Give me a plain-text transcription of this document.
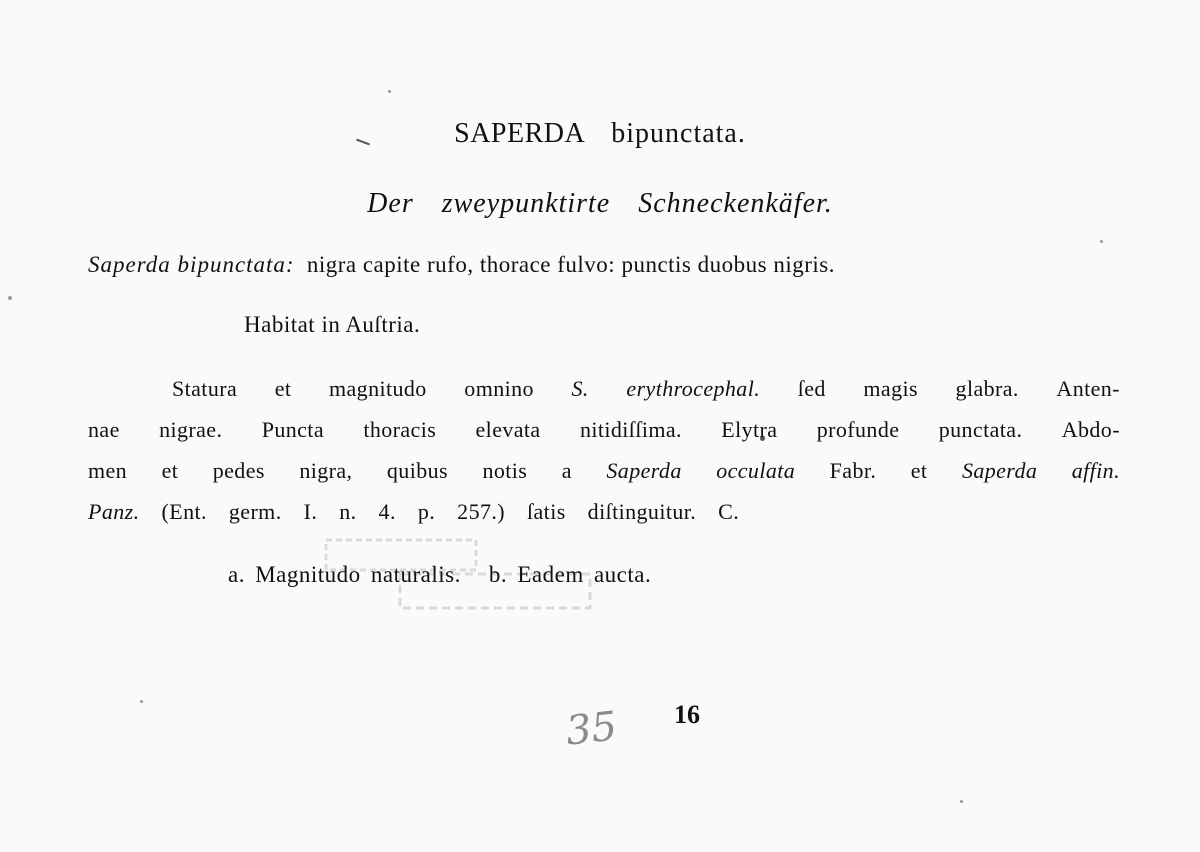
SAPERDA bipunctata.
Der zweypunktirte Schneckenkäfer.
Saperda bipunctata: nigra capite rufo, thorace fulvo: punctis duobus nigris.
Habitat in Auſtria.
Statura et magnitudo omnino S. erythrocephal. ſed magis glabra. Anten-
nae nigrae. Puncta thoracis elevata nitidiſſima. Elytra profunde punctata. Abdo-
men et pedes nigra, quibus notis a Saperda occulata Fabr. et Saperda affin.
Panz. (Ent. germ. I. n. 4. p. 257.) ſatis diſtinguitur. C.
a. Magnitudo naturalis. b. Eadem aucta.
35 16
